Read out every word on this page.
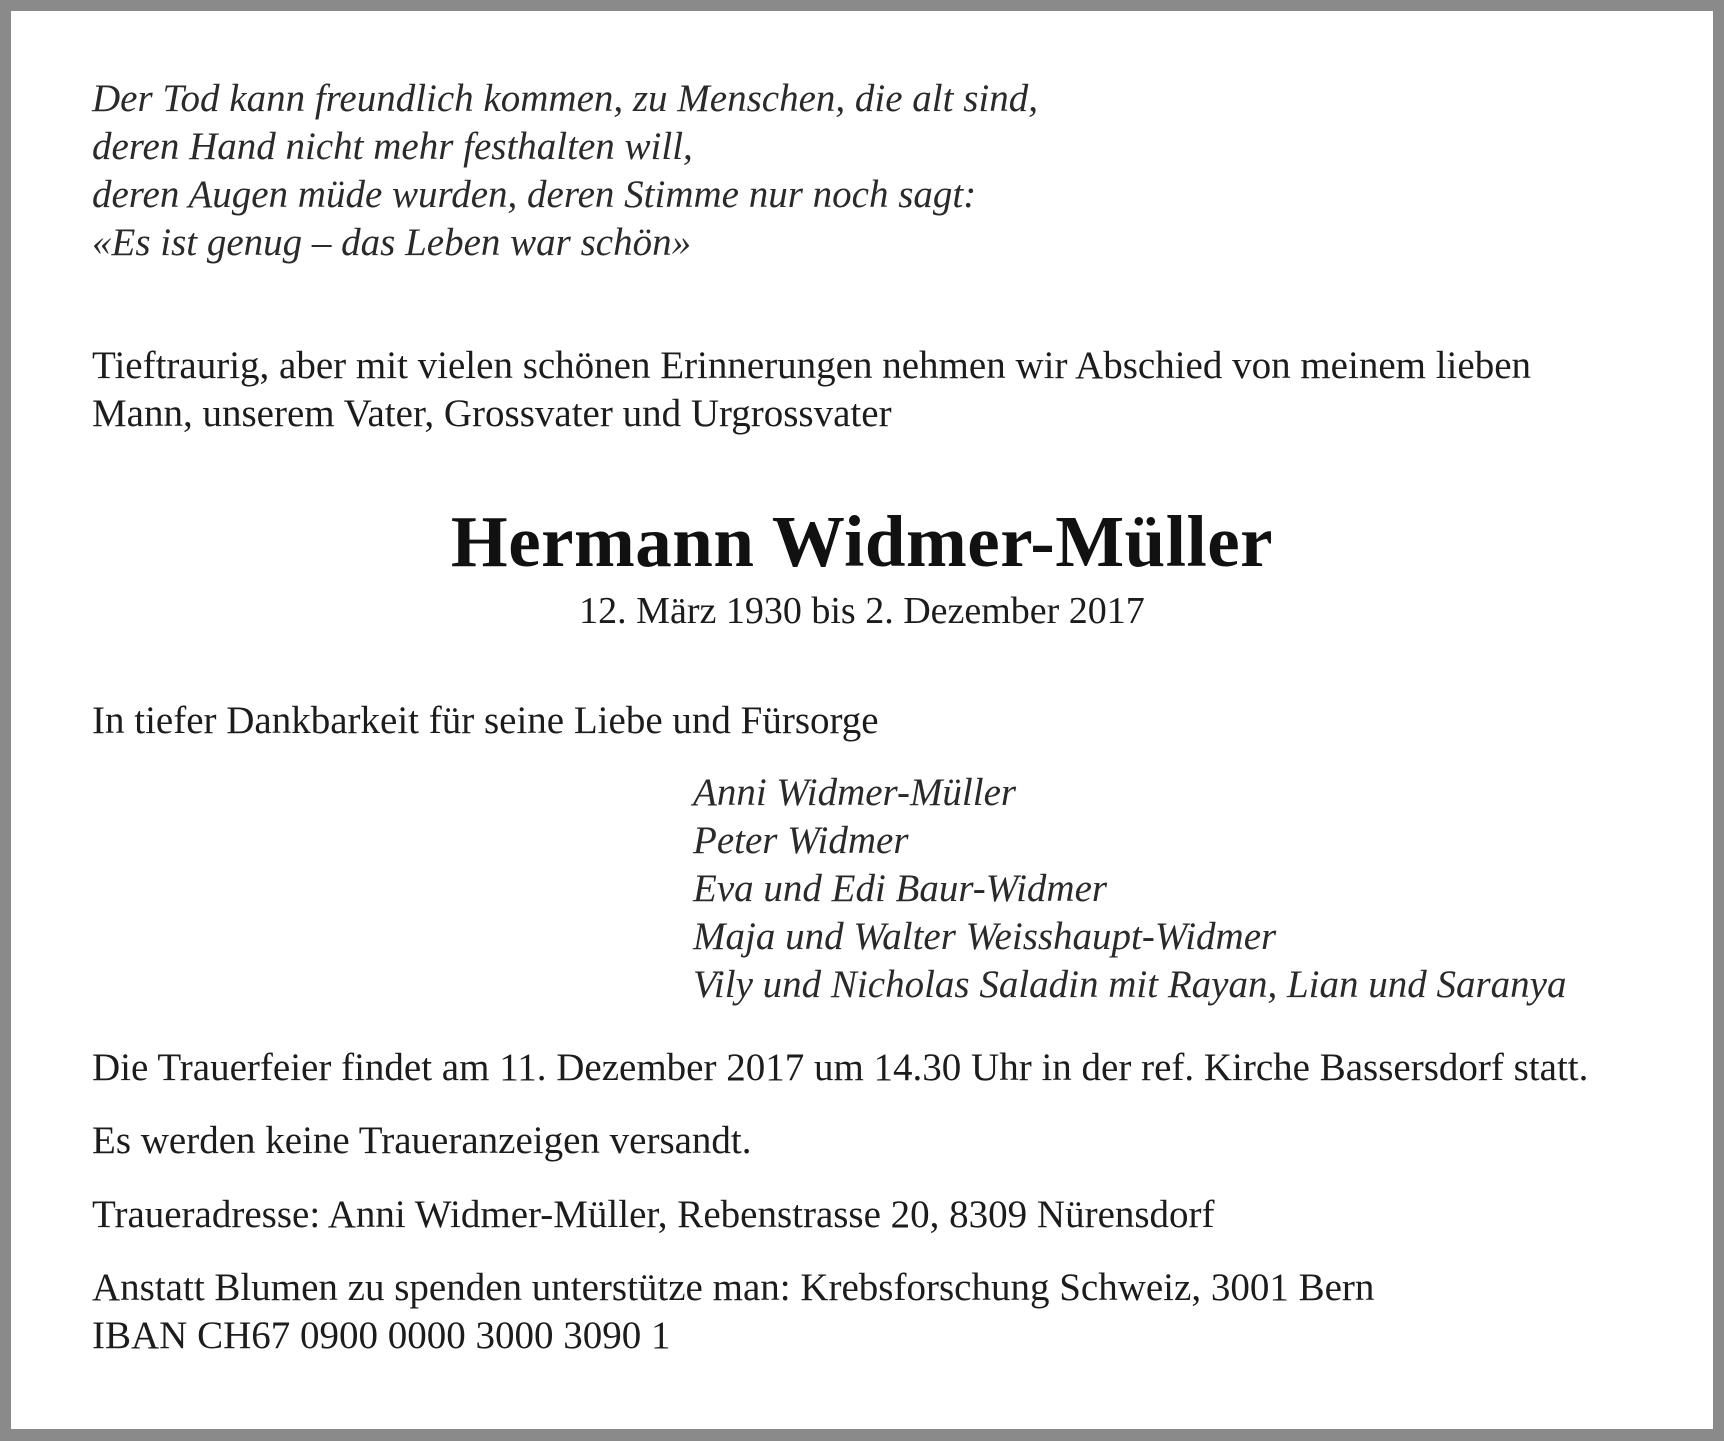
Der Tod kann freundlich kommen, zu Menschen, die alt sind,

deren Hand nicht mehr festhalten will,

deren Augen müde wurden, deren Stimme nur noch sagt:

«Es ist genug – das Leben war schön»

Tieftraurig, aber mit vielen schönen Erinnerungen nehmen wir Abschied von meinem lieben

Mann, unserem Vater, Grossvater und Urgrossvater

Hermann Widmer-Müller

12. März 1930 bis 2. Dezember 2017

In tiefer Dankbarkeit für seine Liebe und Fürsorge

Anni Widmer-Müller

Peter Widmer

Eva und Edi Baur-Widmer

Maja und Walter Weisshaupt-Widmer

Vily und Nicholas Saladin mit Rayan, Lian und Saranya

Die Trauerfeier findet am 11. Dezember 2017 um 14.30 Uhr in der ref. Kirche Bassersdorf statt.

Es werden keine Traueranzeigen versandt.

Traueradresse: Anni Widmer-Müller, Rebenstrasse 20, 8309 Nürensdorf

Anstatt Blumen zu spenden unterstütze man: Krebsforschung Schweiz, 3001 Bern

IBAN CH67 0900 0000 3000 3090 1
